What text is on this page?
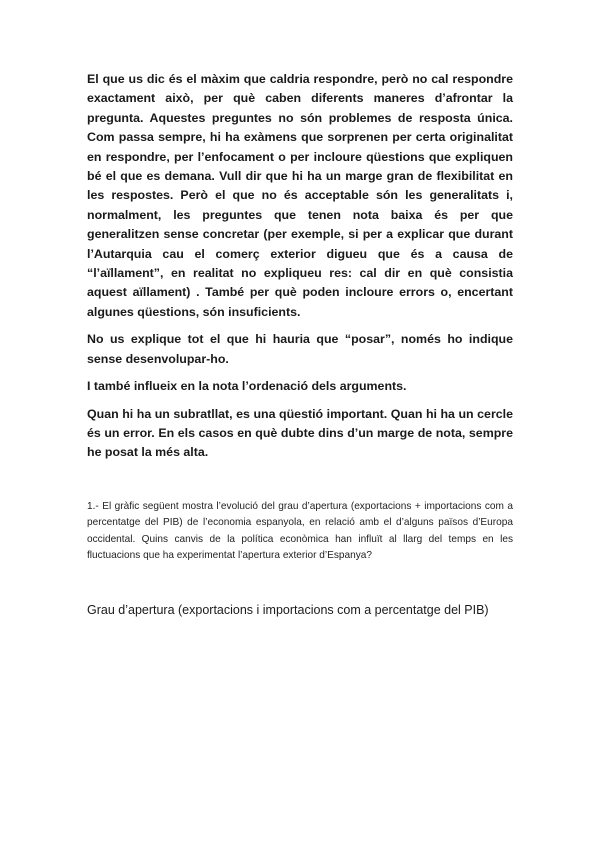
El que us dic és el màxim que caldria respondre, però no cal respondre exactament això, per què caben diferents maneres d’afrontar la pregunta. Aquestes preguntes no són problemes de resposta única. Com passa sempre, hi ha exàmens que sorprenen per certa originalitat en respondre, per l’enfocament o per incloure qüestions que expliquen bé el que es demana. Vull dir que hi ha un marge gran de flexibilitat en les respostes. Però el que no és acceptable són les generalitats i, normalment, les preguntes que tenen nota baixa és per que generalitzen sense concretar (per exemple, si per a explicar que durant l’Autarquia cau el comerç exterior digueu que és a causa de “l’aïllament”, en realitat no expliqueu res: cal dir en què consistia aquest aïllament) . També per què poden incloure errors o, encertant algunes qüestions, són insuficients.

No us explique tot el que hi hauria que “posar”, només ho indique sense desenvolupar-ho.

I també influeix en la nota l’ordenació dels arguments.

Quan hi ha un subratllat, es una qüestió important. Quan hi ha un cercle és un error. En els casos en què dubte dins d’un marge de nota, sempre he posat la més alta.

1.- El gràfic següent mostra l’evolució del grau d’apertura (exportacions + importacions com a percentatge del PIB) de l’economia espanyola, en relació amb el d’alguns països d’Europa occidental. Quins canvis de la política econòmica han influït al llarg del temps en les fluctuacions que ha experimentat l’apertura exterior d’Espanya?

Grau d’apertura (exportacions i importacions com a percentatge del PIB)
